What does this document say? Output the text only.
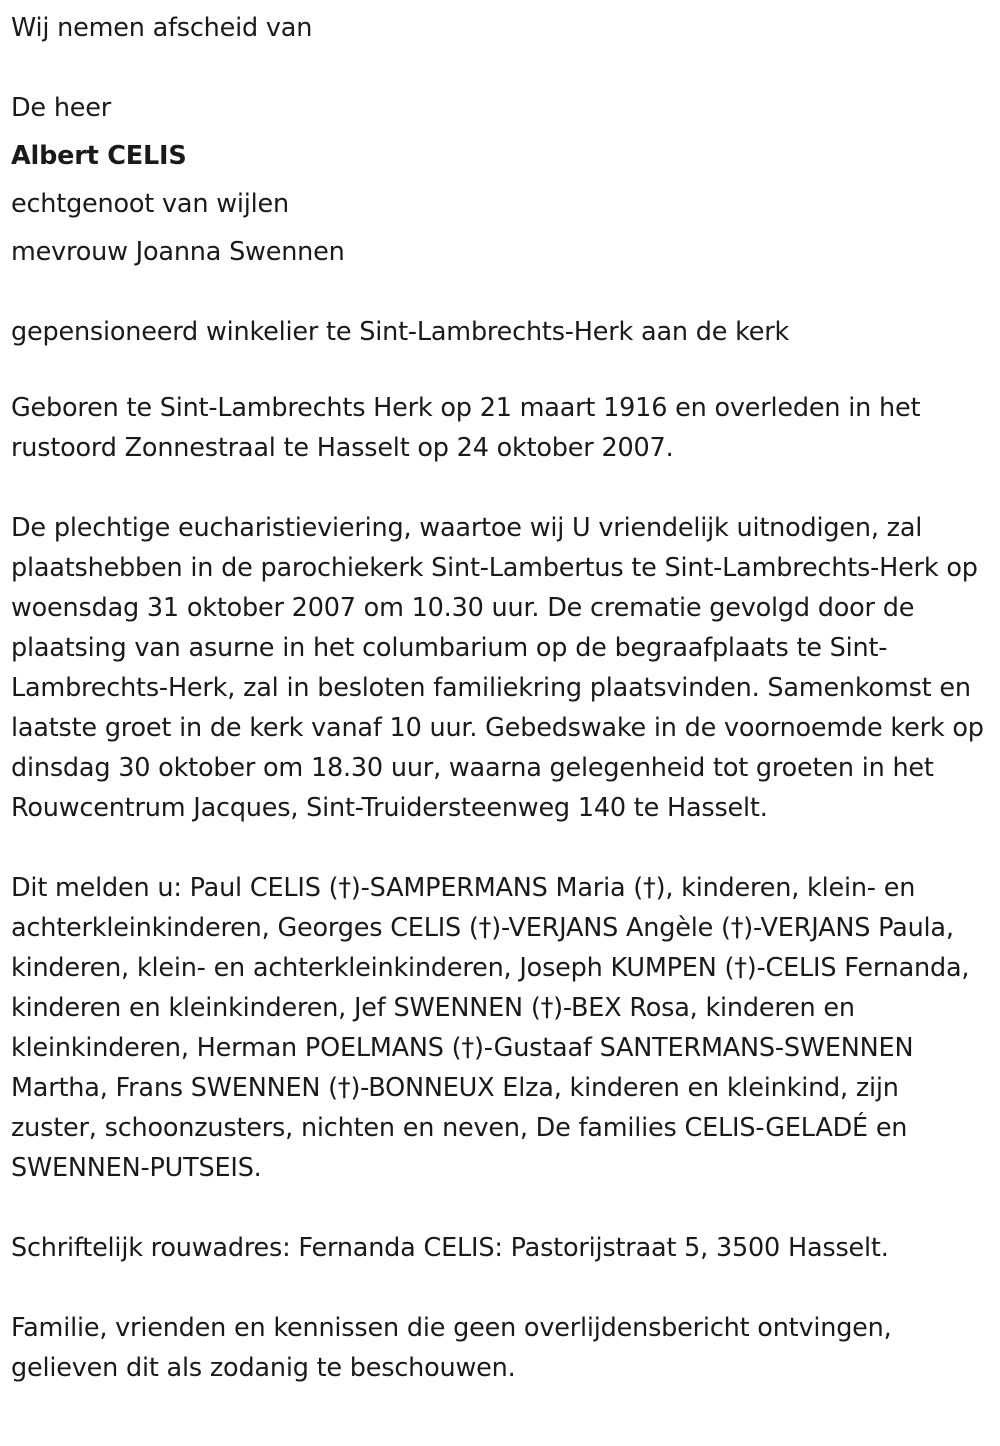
Wij nemen afscheid van

De heer

Albert CELIS

echtgenoot van wijlen

mevrouw Joanna Swennen

gepensioneerd winkelier te Sint-Lambrechts-Herk aan de kerk

Geboren te Sint-Lambrechts Herk op 21 maart 1916 en overleden in het rustoord Zonnestraal te Hasselt op 24 oktober 2007.

De plechtige eucharistieviering, waartoe wij U vriendelijk uitnodigen, zal plaatshebben in de parochiekerk Sint-Lambertus te Sint-Lambrechts-Herk op woensdag 31 oktober 2007 om 10.30 uur. De crematie gevolgd door de plaatsing van asurne in het columbarium op de begraafplaats te Sint-Lambrechts-Herk, zal in besloten familiekring plaatsvinden. Samenkomst en laatste groet in de kerk vanaf 10 uur. Gebedswake in de voornoemde kerk op dinsdag 30 oktober om 18.30 uur, waarna gelegenheid tot groeten in het Rouwcentrum Jacques, Sint-Truidersteenweg 140 te Hasselt.

Dit melden u: Paul CELIS (†)-SAMPERMANS Maria (†), kinderen, klein- en achterkleinkinderen, Georges CELIS (†)-VERJANS Angèle (†)-VERJANS Paula, kinderen, klein- en achterkleinkinderen, Joseph KUMPEN (†)-CELIS Fernanda, kinderen en kleinkinderen, Jef SWENNEN (†)-BEX Rosa, kinderen en kleinkinderen, Herman POELMANS (†)-Gustaaf SANTERMANS-SWENNEN Martha, Frans SWENNEN (†)-BONNEUX Elza, kinderen en kleinkind, zijn zuster, schoonzusters, nichten en neven, De families CELIS-GELADÉ en SWENNEN-PUTSEIS.

Schriftelijk rouwadres: Fernanda CELIS: Pastorijstraat 5, 3500 Hasselt.

Familie, vrienden en kennissen die geen overlijdensbericht ontvingen, gelieven dit als zodanig te beschouwen.
